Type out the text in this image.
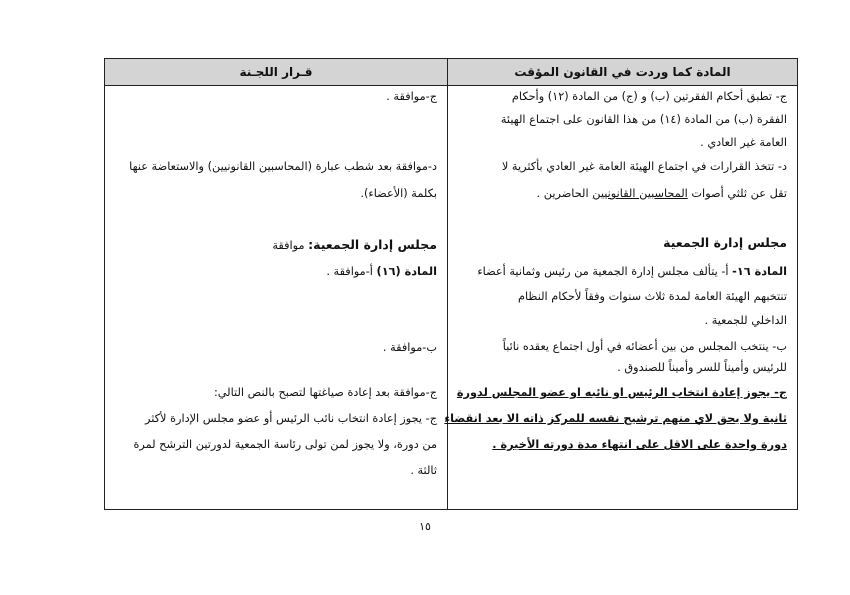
المادة كما وردت في القانون المؤقت
قـرار اللجـنة
ج- تطبق أحكام الفقرتين (ب) و (ج) من المادة (١٢) وأحكام
الفقرة (ب) من المادة (١٤) من هذا القانون على اجتماع الهيئة
العامة غير العادي .
د- تتخذ القرارات في اجتماع الهيئة العامة غير العادي بأكثرية لا
تقل عن ثلثي أصوات المحاسبين القانونيين الحاضرين .
مجلس إدارة الجمعية
المادة ١٦- أ- يتألف مجلس إدارة الجمعية من رئيس وثمانية أعضاء
تنتخبهم الهيئة العامة لمدة ثلاث سنوات وفقاً لأحكام النظام
الداخلي للجمعية .
ب- ينتخب المجلس من بين أعضائه في أول اجتماع يعقده نائباً
للرئيس وأميناً للسر وأميناً للصندوق .
ج- يجوز إعادة انتخاب الرئيس او نائبه او عضو المجلس لدورة
ثانية ولا يحق لاي منهم ترشيح نفسه للمركز ذاته الا بعد انقضاء
دورة واحدة على الاقل على انتهاء مدة دورته الأخيرة .
ج-موافقة .
د-موافقة بعد شطب عبارة (المحاسبين القانونيين) والاستعاضة عنها
بكلمة (الأعضاء).
مجلس إدارة الجمعية: موافقة
المادة (١٦) أ-موافقة .
ب-موافقة .
ج-موافقة بعد إعادة صياغتها لتصبح بالنص التالي:
ج- يجوز إعادة انتخاب نائب الرئيس أو عضو مجلس الإدارة لأكثر
من دورة، ولا يجوز لمن تولى رئاسة الجمعية لدورتين الترشح لمرة
ثالثة .
١٥
